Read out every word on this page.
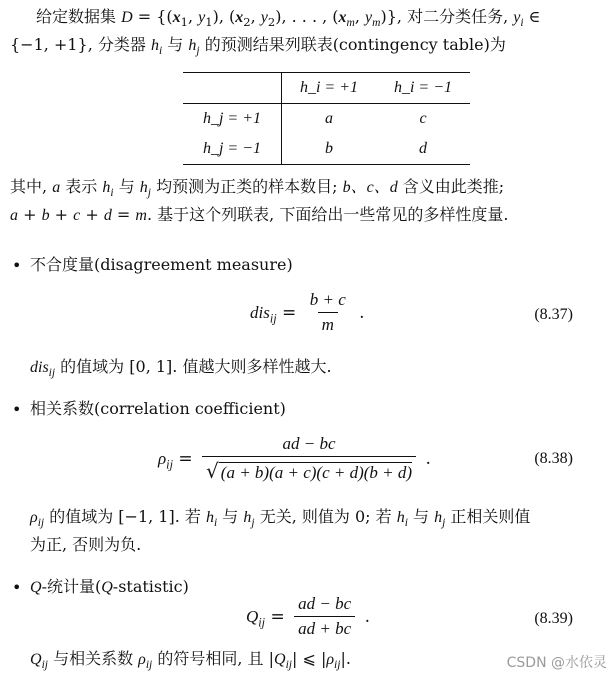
给定数据集 $D = \{(x_1$, $y_1$), ($x_2$, $y_2$), . . . , ($x_m$, $y_m$)}, 对二分类任务, $y_i$ ∈

{−1, +1}, 分类器 $h_i$ 与 $h_j$ 的预测结果列联表(contingency table)为

	h_i = +1	h_i = −1
h_j = +1	a	c
h_j = −1	b	d

其中, a 表示 $h_i$ 与 $h_j$ 均预测为正类的样本数目; b、c、d 含义由此类推;

a + b + c + d = m. 基于这个列联表, 下面给出一些常见的多样性度量.

• 不合度量(disagreement measure)
$dis_{ij} = \frac{b + c}{m}$ .	(8.37)

dis$_{ij}$ 的值域为 [0, 1]. 值越大则多样性越大.

• 相关系数(correlation coefficient)
$\rho_{ij} = \frac{ad - bc}{√ (a + b)(a + c)(c + d)(b + d)}$ .	(8.38)

$\rho_{ij}$ 的值域为 [−1, 1]. 若 $h_i$ 与 $h_j$ 无关, 则值为 0; 若 $h_i$ 与 $h_j$ 正相关则值

为正, 否则为负.

• Q-统计量(Q-statistic)
$Q_{ij} = \frac{ad - bc}{ad + bc}$ .	(8.39)

$Q_{ij}$ 与相关系数 $\rho_{ij}$ 的符号相同, 且 $|Q_{ij}|$ ⩽ $|\rho_{ij}|$.	CSDN @水依灵
